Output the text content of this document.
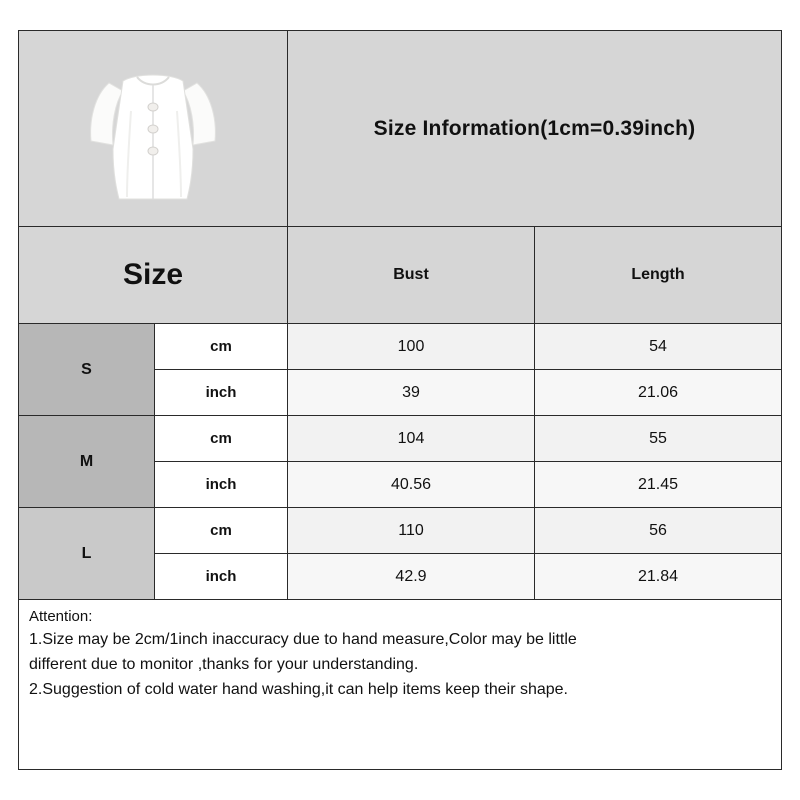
Size Information(1cm=0.39inch)
Size	Bust	Length
S
cm	100	54
inch	39	21.06
M
cm	104	55
inch	40.56	21.45
L
cm	110	56
inch	42.9	21.84
Attention:
1.Size may be 2cm/1inch inaccuracy due to hand measure,Color may be little
different due to monitor ,thanks for your understanding.
2.Suggestion of cold water hand washing,it can help items keep their shape.
